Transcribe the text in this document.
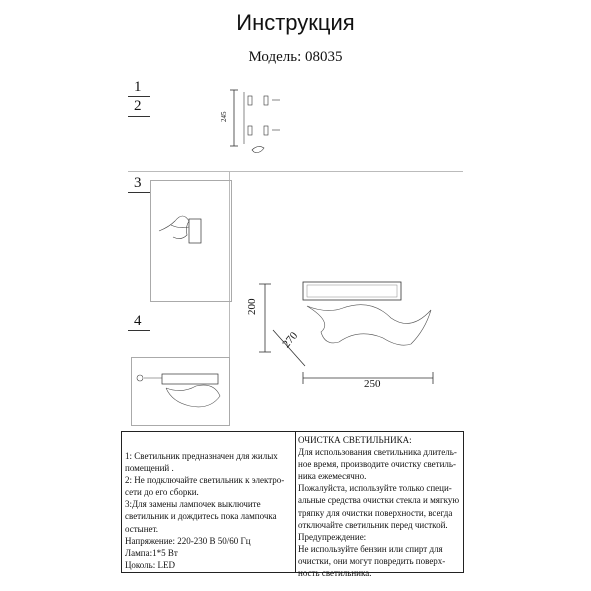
Инструкция
Модель: 08035
1
2
3
4
245
200
270
250
1: Светильник предназначен для жилых
помещений .
2: Не подключайте светильник к электро-
сети до его сборки.
3:Для замены лампочек выключите
светильник и дождитесь пока лампочка
остынет.
Напряжение: 220-230 В 50/60 Гц
Лампа:1*5 Вт
Цоколь: LED
ОЧИСТКА СВЕТИЛЬНИКА:
Для использования светильника длитель-
ное время, производите очистку светиль-
ника ежемесячно.
Пожалуйста, используйте только специ-
альные средства очистки стекла и мягкую
тряпку для очистки поверхности, всегда
отключайте светильник перед чисткой.
Предупреждение:
Не используйте бензин или спирт для
очистки, они могут повредить поверх-
ность светильника.
